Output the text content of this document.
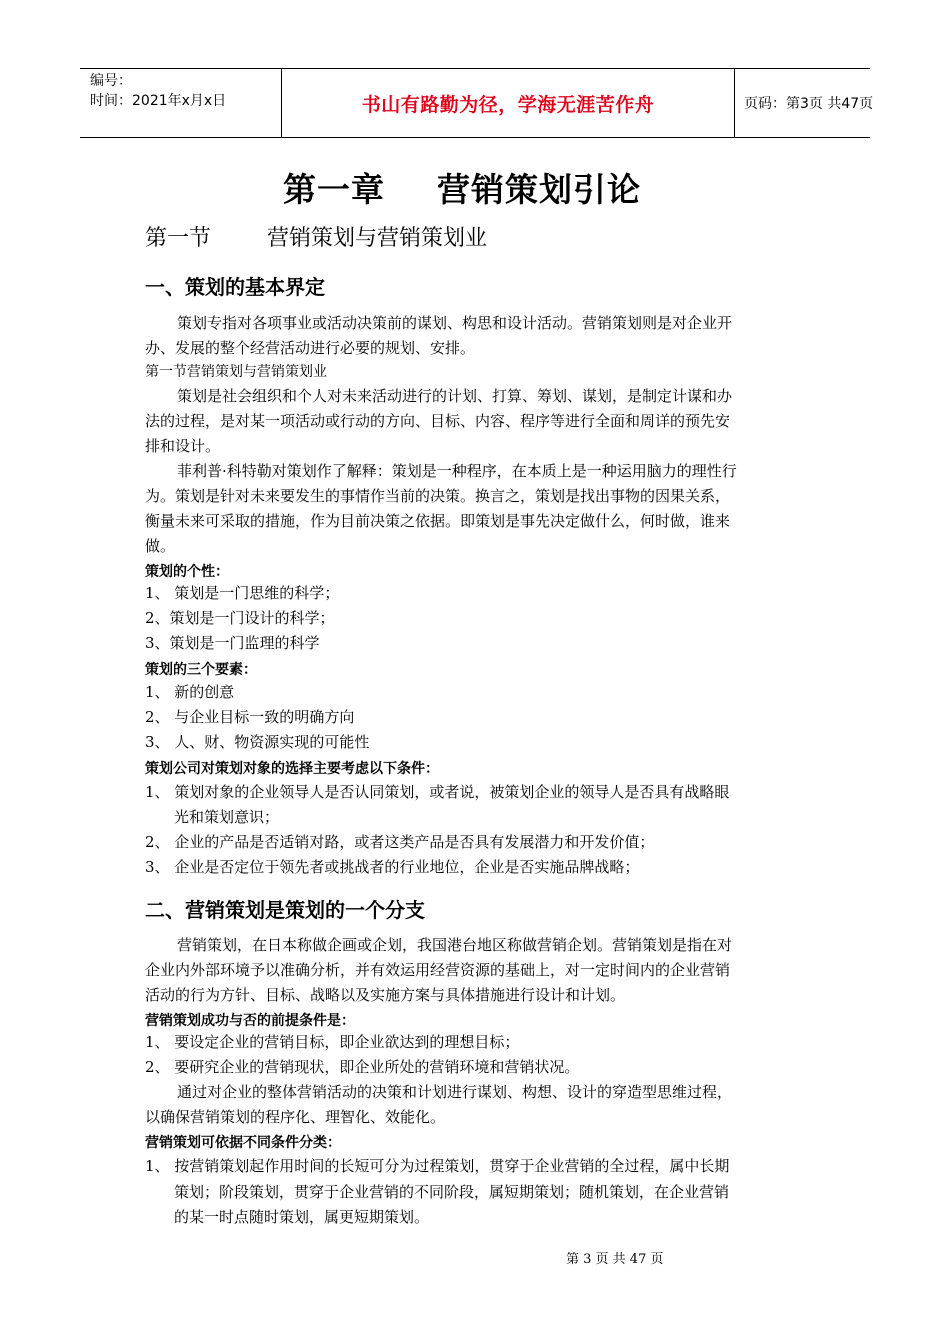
编号：
时间：2021年x月x日	书山有路勤为径，学海无涯苦作舟	页码：第3页 共47页
第一章 营销策划引论
第一节	营销策划与营销策划业
一、策划的基本界定
策划专指对各项事业或活动决策前的谋划、构思和设计活动。营销策划则是对企业开
办、发展的整个经营活动进行必要的规划、安排。
第一节营销策划与营销策划业
策划是社会组织和个人对未来活动进行的计划、打算、筹划、谋划，是制定计谋和办
法的过程，是对某一项活动或行动的方向、目标、内容、程序等进行全面和周详的预先安
排和设计。
菲利普·科特勒对策划作了解释：策划是一种程序，在本质上是一种运用脑力的理性行
为。策划是针对未来要发生的事情作当前的决策。换言之，策划是找出事物的因果关系，
衡量未来可采取的措施，作为目前决策之依据。即策划是事先决定做什么，何时做，谁来
做。
策划的个性：
1、 策划是一门思维的科学；
2、策划是一门设计的科学；
3、策划是一门监理的科学
策划的三个要素：
1、 新的创意
2、 与企业目标一致的明确方向
3、 人、财、物资源实现的可能性
策划公司对策划对象的选择主要考虑以下条件：
1、 策划对象的企业领导人是否认同策划，或者说，被策划企业的领导人是否具有战略眼
光和策划意识；
2、 企业的产品是否适销对路，或者这类产品是否具有发展潜力和开发价值；
3、 企业是否定位于领先者或挑战者的行业地位，企业是否实施品牌战略；
二、营销策划是策划的一个分支
营销策划，在日本称做企画或企划，我国港台地区称做营销企划。营销策划是指在对
企业内外部环境予以准确分析，并有效运用经营资源的基础上，对一定时间内的企业营销
活动的行为方针、目标、战略以及实施方案与具体措施进行设计和计划。
营销策划成功与否的前提条件是：
1、 要设定企业的营销目标，即企业欲达到的理想目标；
2、 要研究企业的营销现状，即企业所处的营销环境和营销状况。
通过对企业的整体营销活动的决策和计划进行谋划、构想、设计的穿造型思维过程，
以确保营销策划的程序化、理智化、效能化。
营销策划可依据不同条件分类：
1、 按营销策划起作用时间的长短可分为过程策划，贯穿于企业营销的全过程，属中长期
策划；阶段策划，贯穿于企业营销的不同阶段，属短期策划；随机策划，在企业营销
的某一时点随时策划，属更短期策划。
第 3 页 共 47 页
